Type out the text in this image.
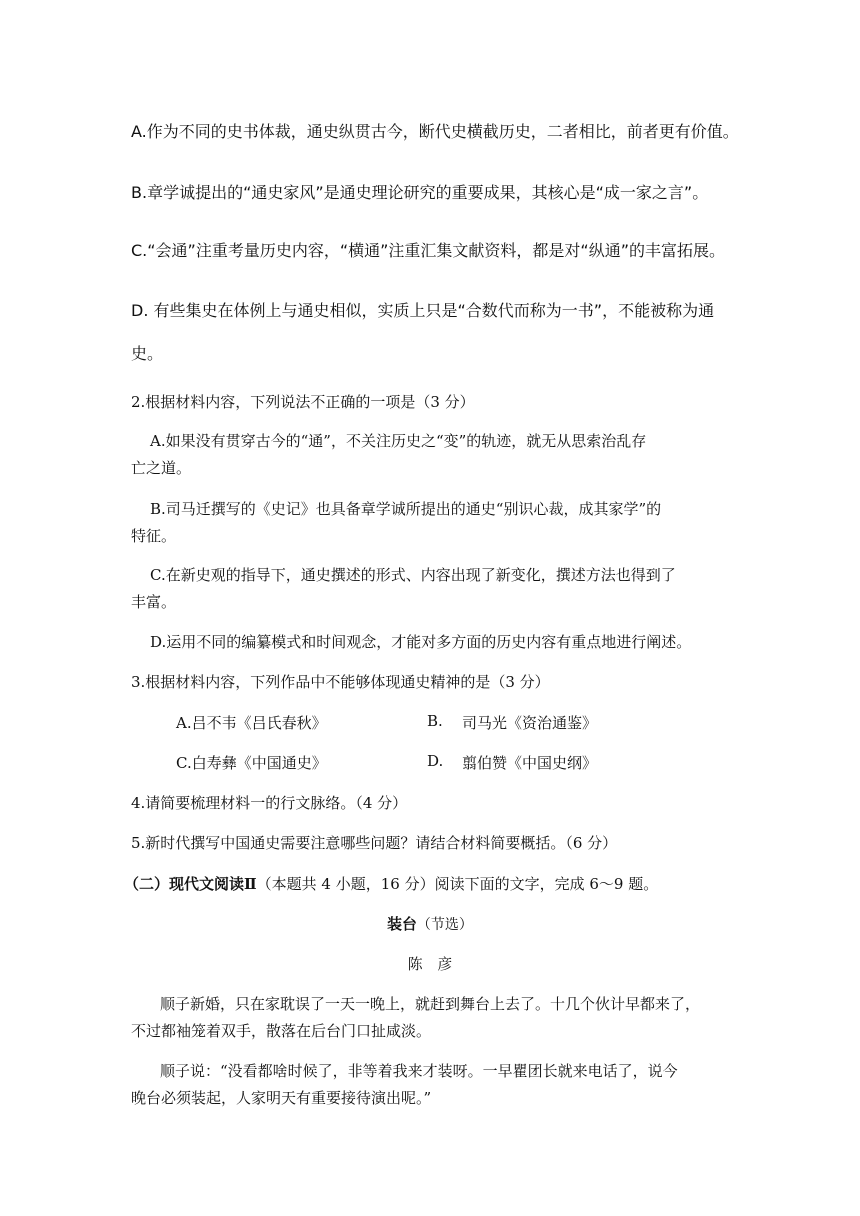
A.作为不同的史书体裁，通史纵贯古今，断代史横截历史，二者相比，前者更有价值。
B.章学诚提出的“通史家风”是通史理论研究的重要成果，其核心是“成一家之言”。
C.“会通”注重考量历史内容，“横通”注重汇集文献资料，都是对“纵通”的丰富拓展。
D. 有些集史在体例上与通史相似，实质上只是“合数代而称为一书”，不能被称为通
史。
2.根据材料内容，下列说法不正确的一项是（3 分）
A.如果没有贯穿古今的“通”，不关注历史之“变”的轨迹，就无从思索治乱存
亡之道。
B.司马迁撰写的《史记》也具备章学诚所提出的通史“别识心裁，成其家学”的
特征。
C.在新史观的指导下，通史撰述的形式、内容出现了新变化，撰述方法也得到了
丰富。
D.运用不同的编纂模式和时间观念，才能对多方面的历史内容有重点地进行阐述。
3.根据材料内容，下列作品中不能够体现通史精神的是（3 分）
A.吕不韦《吕氏春秋》	B. 司马光《资治通鉴》
C.白寿彝《中国通史》	D. 翦伯赞《中国史纲》
4.请简要梳理材料一的行文脉络。（4 分）
5.新时代撰写中国通史需要注意哪些问题？请结合材料简要概括。（6 分）
（二）现代文阅读Ⅱ（本题共 4 小题，16 分）阅读下面的文字，完成 6～9 题。
装台（节选）
陈　彦
顺子新婚，只在家耽误了一天一晚上，就赶到舞台上去了。十几个伙计早都来了，
不过都袖笼着双手，散落在后台门口扯咸淡。
顺子说：“没看都啥时候了，非等着我来才装呀。一早瞿团长就来电话了，说今
晚台必须装起，人家明天有重要接待演出呢。”
